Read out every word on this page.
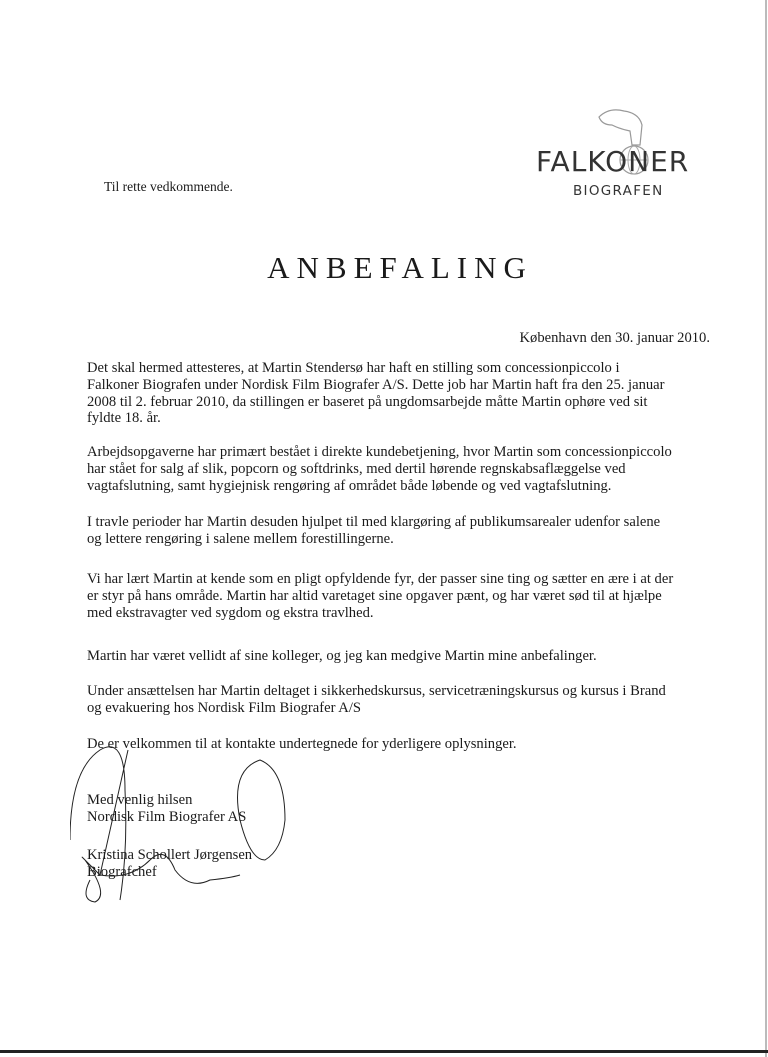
FALKONER
BIOGRAFEN
Til rette vedkommende.
ANBEFALING
København den 30. januar 2010.
Det skal hermed attesteres, at Martin Stendersø har haft en stilling som concessionpiccolo i
Falkoner Biografen under Nordisk Film Biografer A/S. Dette job har Martin haft fra den 25. januar
2008 til 2. februar 2010, da stillingen er baseret på ungdomsarbejde måtte Martin ophøre ved sit
fyldte 18. år.
Arbejdsopgaverne har primært bestået i direkte kundebetjening, hvor Martin som concessionpiccolo
har stået for salg af slik, popcorn og softdrinks, med dertil hørende regnskabsaflæggelse ved
vagtafslutning, samt hygiejnisk rengøring af området både løbende og ved vagtafslutning.
I travle perioder har Martin desuden hjulpet til med klargøring af publikumsarealer udenfor salene
og lettere rengøring i salene mellem forestillingerne.
Vi har lært Martin at kende som en pligt opfyldende fyr, der passer sine ting og sætter en ære i at der
er styr på hans område. Martin har altid varetaget sine opgaver pænt, og har været sød til at hjælpe
med ekstravagter ved sygdom og ekstra travlhed.
Martin har været vellidt af sine kolleger, og jeg kan medgive Martin mine anbefalinger.
Under ansættelsen har Martin deltaget i sikkerhedskursus, servicetræningskursus og kursus i Brand
og evakuering hos Nordisk Film Biografer A/S
De er velkommen til at kontakte undertegnede for yderligere oplysninger.
Med venlig hilsen
Nordisk Film Biografer AS
Kristina Schollert Jørgensen
Biografchef
